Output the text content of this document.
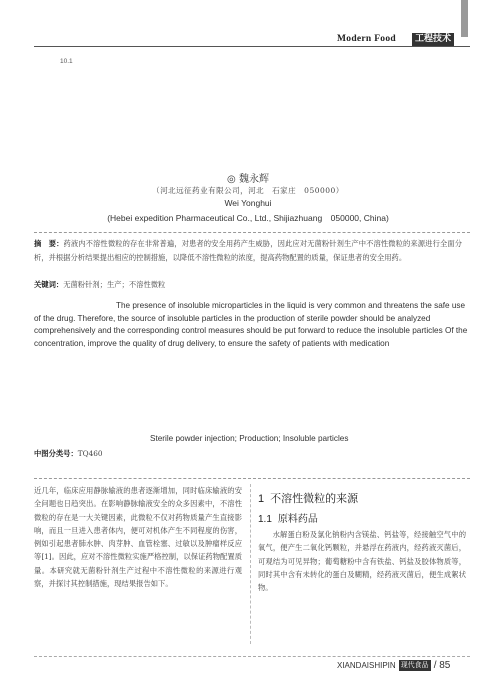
Modern Food	工程技术
10.1
◎ 魏永辉
（河北远征药业有限公司，河北　石家庄　050000）
Wei Yonghui
(Hebei expedition Pharmaceutical Co., Ltd., Shijiazhuang　050000, China)
摘　要：药液内不溶性微粒的存在非常普遍，对患者的安全用药产生威胁，因此应对无菌粉针剂生产中不溶性微粒的来源进行全面分析，并根据分析结果提出相应的控制措施，以降低不溶性微粒的浓度，提高药物配置的质量，保证患者的安全用药。
关键词：无菌粉针剂；生产；不溶性微粒
The presence of insoluble microparticles in the liquid is very common and threatens the safe use of the drug. Therefore, the source of insoluble particles in the production of sterile powder should be analyzed comprehensively and the corresponding control measures should be put forward to reduce the insoluble particles Of the concentration, improve the quality of drug delivery, to ensure the safety of patients with medication
Sterile powder injection; Production; Insoluble particles
中图分类号：TQ460
近几年，临床应用静脉输液的患者逐渐增加，同时临床输液的安全问题也日趋突出。在影响静脉输液安全的众多因素中，不溶性微粒的存在是一大关键因素，此微粒不仅对药物质量产生直接影响，而且一旦进入患者体内，便可对机体产生不同程度的伤害，例如引起患者肺水肿、肉芽肿、血管栓塞、过敏以及肿瘤样反应等[1]。因此，应对不溶性微粒实施严格控制，以保证药物配置质量。本研究就无菌粉针剂生产过程中不溶性微粒的来源进行观察，并探讨其控制措施，现结果报告如下。
1 不溶性微粒的来源
1.1 原料药品
水解蛋白粉及氯化钠粉内含镁盐、钙盐等，经接触空气中的氧气，便产生二氧化钙颗粒，并悬浮在药液内，经药液灭菌后，可观结为可见异物；葡萄糖粉中含有铁盐、钙盐及胶体物质等，同时其中含有未转化的蛋白及糊精，经药液灭菌后，便生成絮状物。
XIANDAISHIPIN 现代食品 / 85
